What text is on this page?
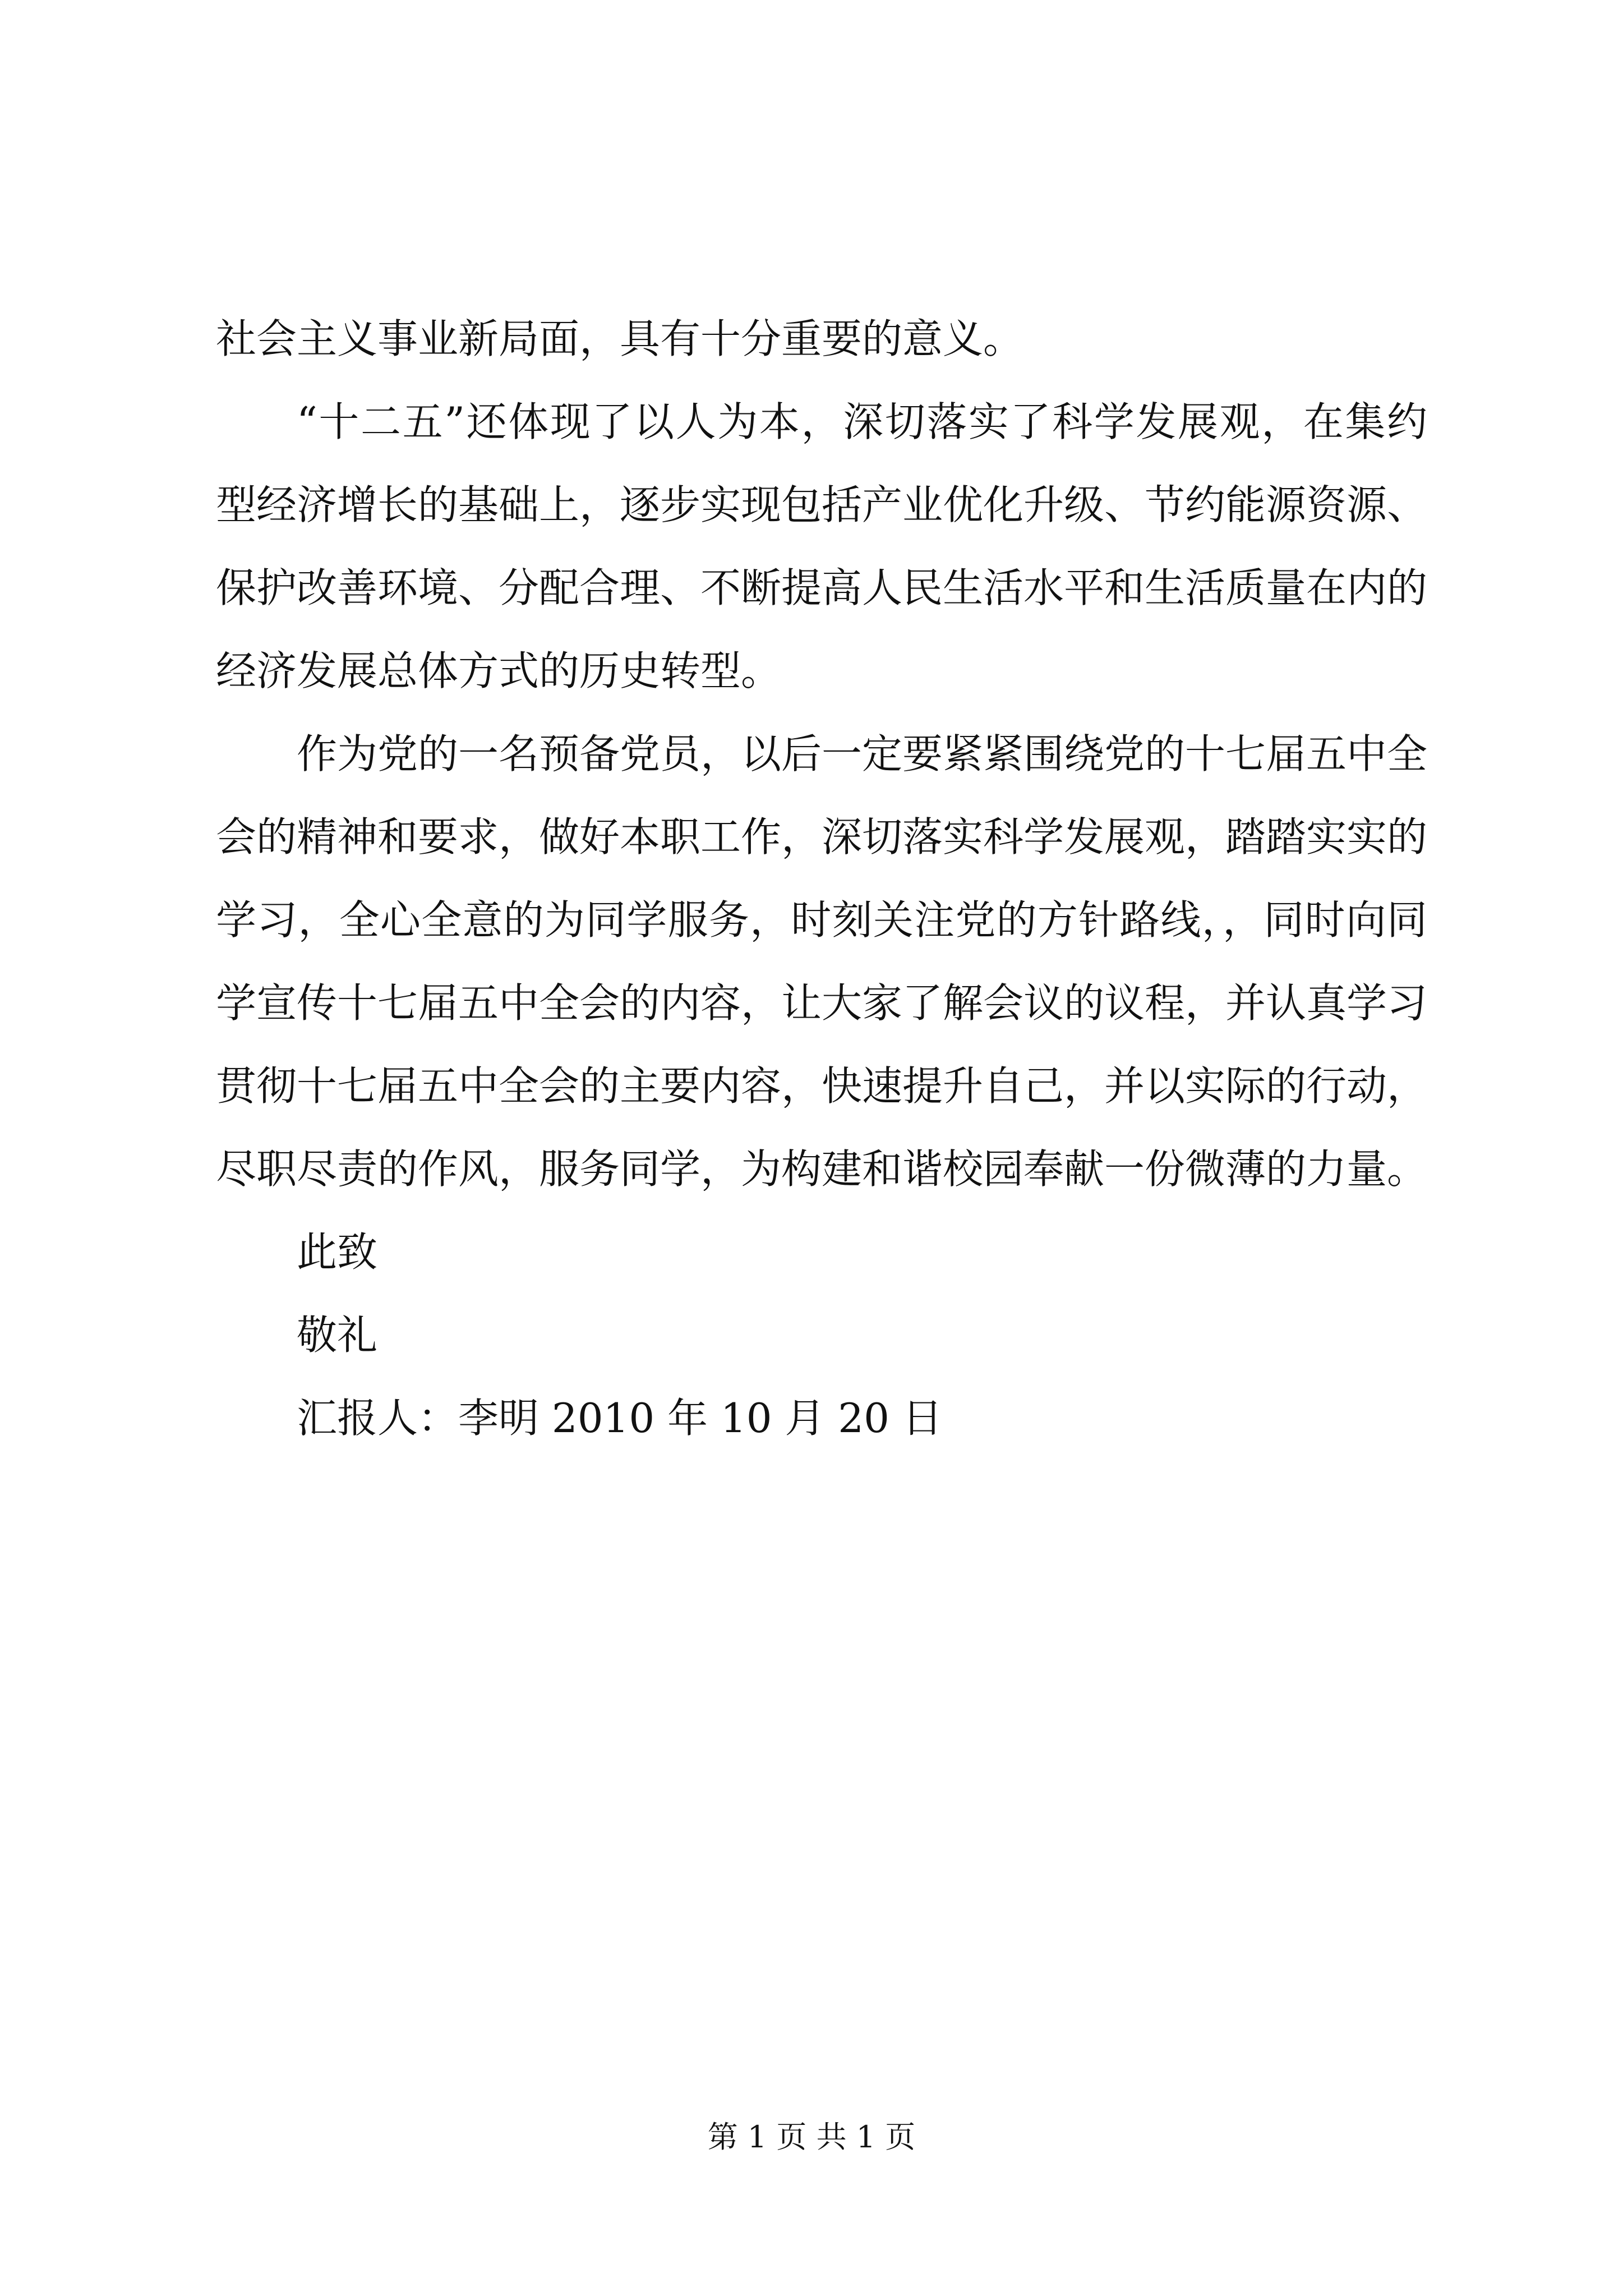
社会主义事业新局面，具有十分重要的意义。

“十二五”还体现了以人为本，深切落实了科学发展观，在集约型经济增长的基础上，逐步实现包括产业优化升级、节约能源资源、保护改善环境、分配合理、不断提高人民生活水平和生活质量在内的经济发展总体方式的历史转型。

作为党的一名预备党员，以后一定要紧紧围绕党的十七届五中全会的精神和要求，做好本职工作，深切落实科学发展观，踏踏实实的学习，全心全意的为同学服务，时刻关注党的方针路线，，同时向同学宣传十七届五中全会的内容，让大家了解会议的议程，并认真学习贯彻十七届五中全会的主要内容，快速提升自己，并以实际的行动，尽职尽责的作风，服务同学，为构建和谐校园奉献一份微薄的力量。

此致

敬礼

汇报人：李明 2010 年 10 月 20 日

第 1 页 共 1 页
